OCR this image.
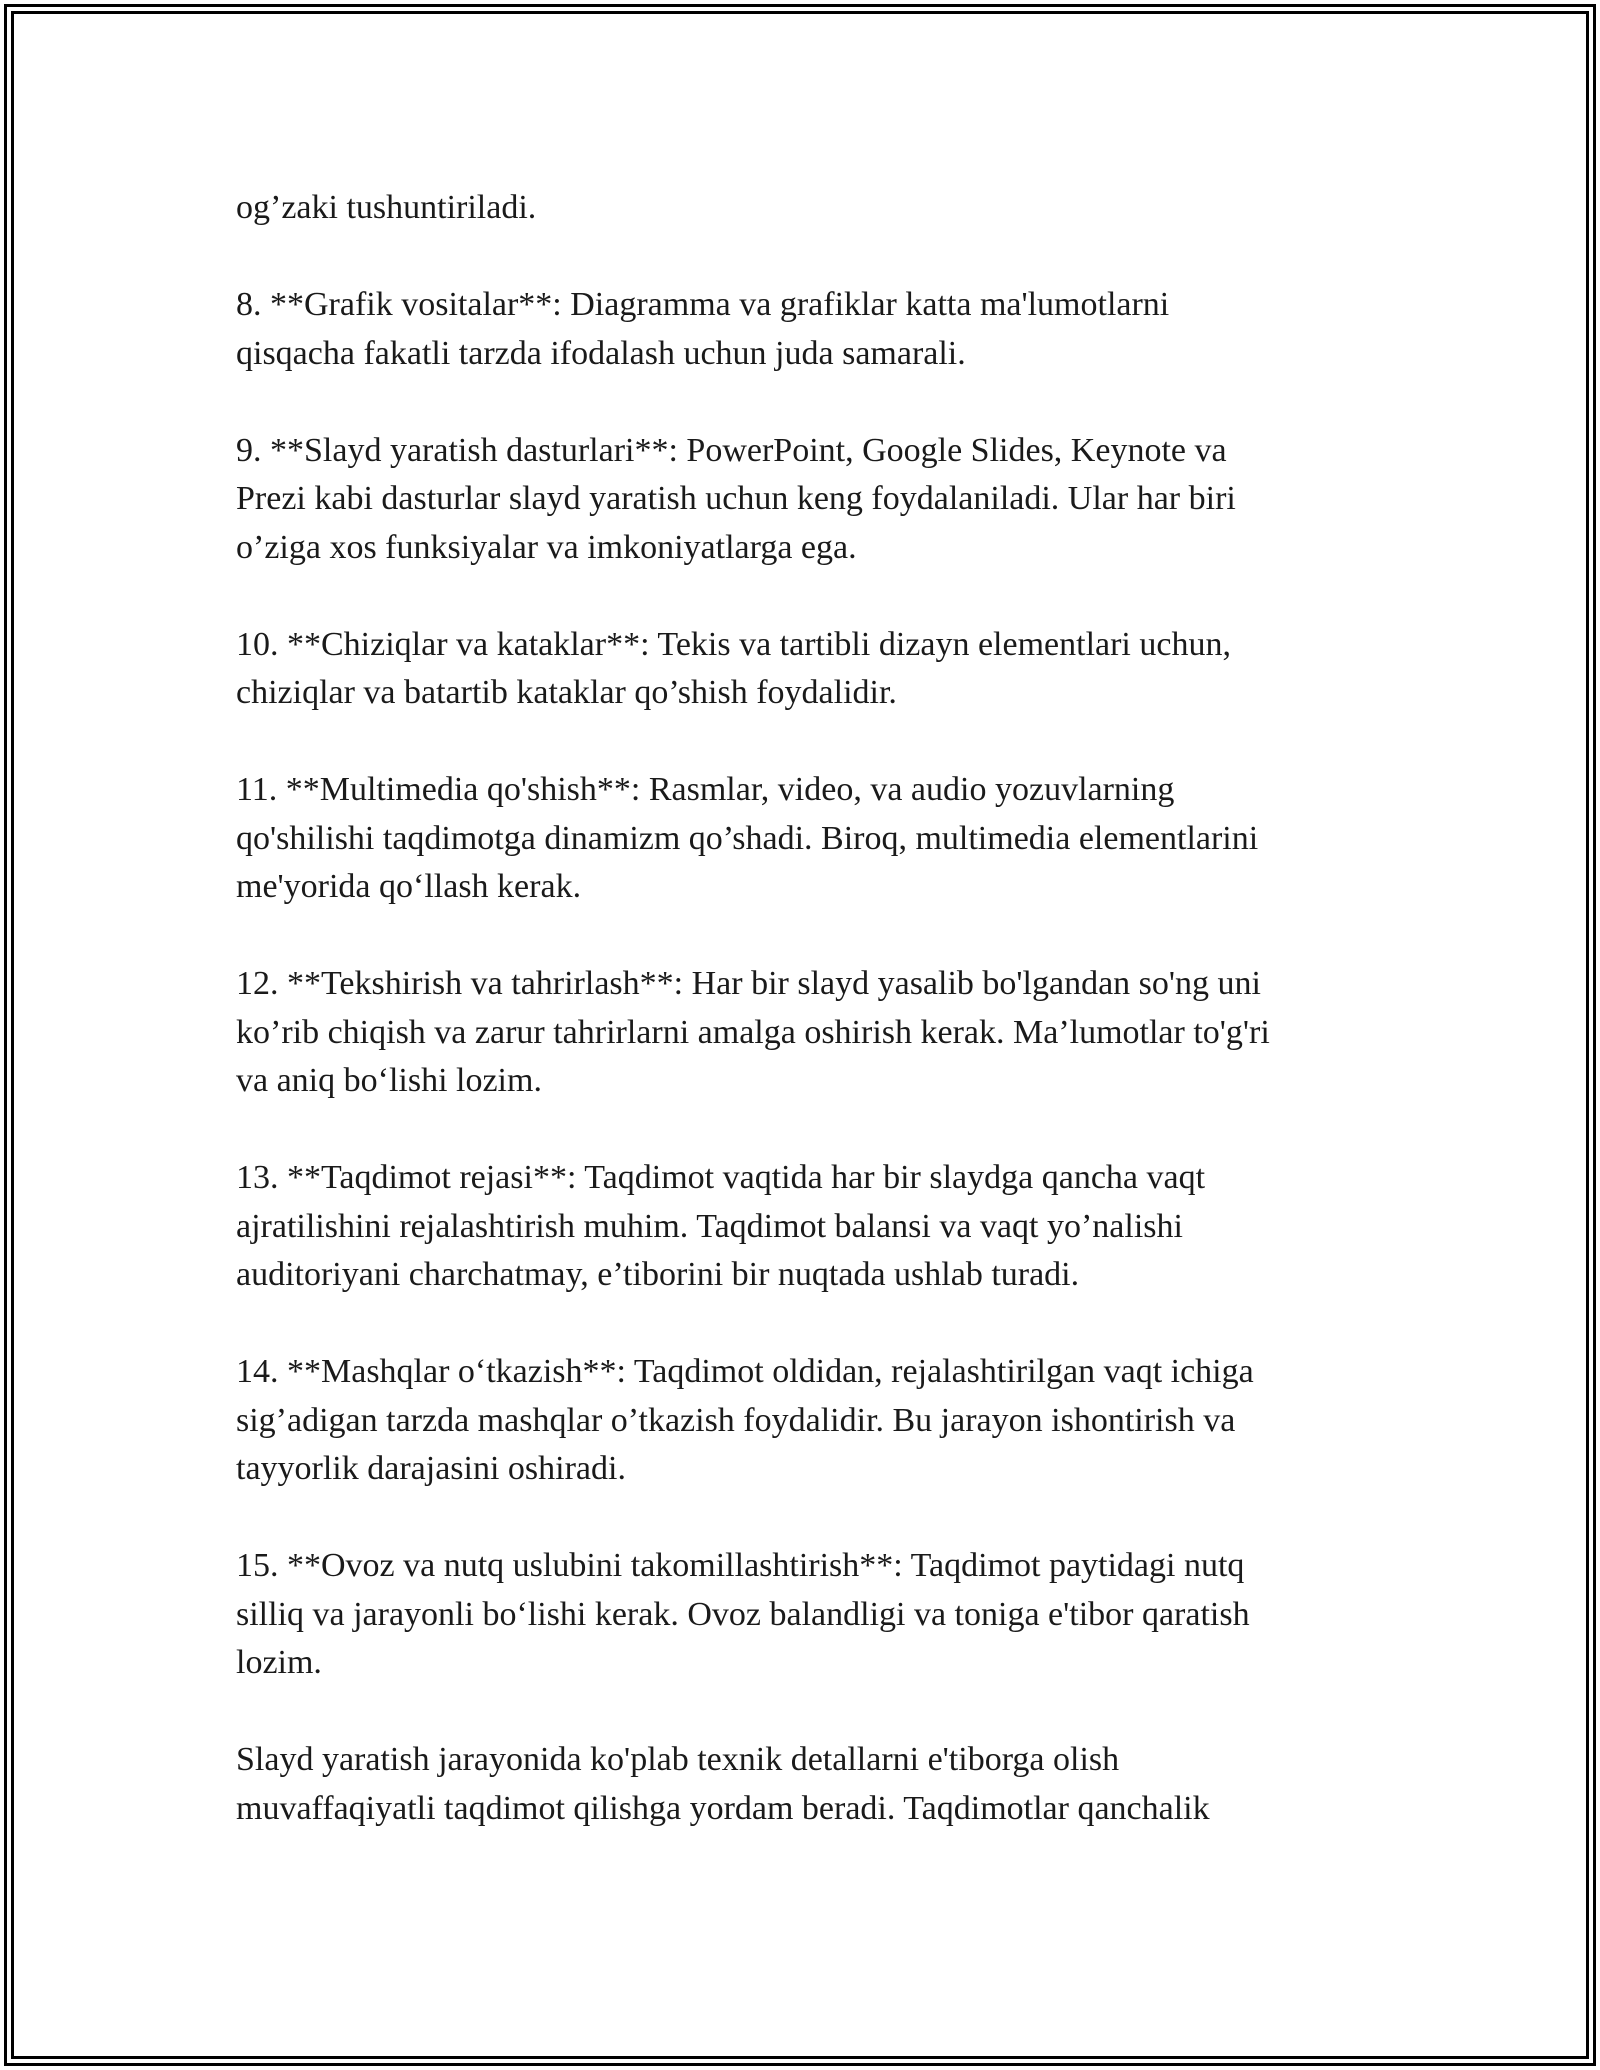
og’zaki tushuntiriladi.

8. **Grafik vositalar**: Diagramma va grafiklar katta ma'lumotlarni
qisqacha fakatli tarzda ifodalash uchun juda samarali.

9. **Slayd yaratish dasturlari**: PowerPoint, Google Slides, Keynote va
Prezi kabi dasturlar slayd yaratish uchun keng foydalaniladi. Ular har biri
o’ziga xos funksiyalar va imkoniyatlarga ega.

10. **Chiziqlar va kataklar**: Tekis va tartibli dizayn elementlari uchun,
chiziqlar va batartib kataklar qo’shish foydalidir.

11. **Multimedia qo'shish**: Rasmlar, video, va audio yozuvlarning
qo'shilishi taqdimotga dinamizm qo’shadi. Biroq, multimedia elementlarini
me'yorida qo‘llash kerak.

12. **Tekshirish va tahrirlash**: Har bir slayd yasalib bo'lgandan so'ng uni
ko’rib chiqish va zarur tahrirlarni amalga oshirish kerak. Ma’lumotlar to'g'ri
va aniq bo‘lishi lozim.

13. **Taqdimot rejasi**: Taqdimot vaqtida har bir slaydga qancha vaqt
ajratilishini rejalashtirish muhim. Taqdimot balansi va vaqt yo’nalishi
auditoriyani charchatmay, e’tiborini bir nuqtada ushlab turadi.

14. **Mashqlar o‘tkazish**: Taqdimot oldidan, rejalashtirilgan vaqt ichiga
sig’adigan tarzda mashqlar o’tkazish foydalidir. Bu jarayon ishontirish va
tayyorlik darajasini oshiradi.

15. **Ovoz va nutq uslubini takomillashtirish**: Taqdimot paytidagi nutq
silliq va jarayonli bo‘lishi kerak. Ovoz balandligi va toniga e'tibor qaratish
lozim.

Slayd yaratish jarayonida ko'plab texnik detallarni e'tiborga olish
muvaffaqiyatli taqdimot qilishga yordam beradi. Taqdimotlar qanchalik
